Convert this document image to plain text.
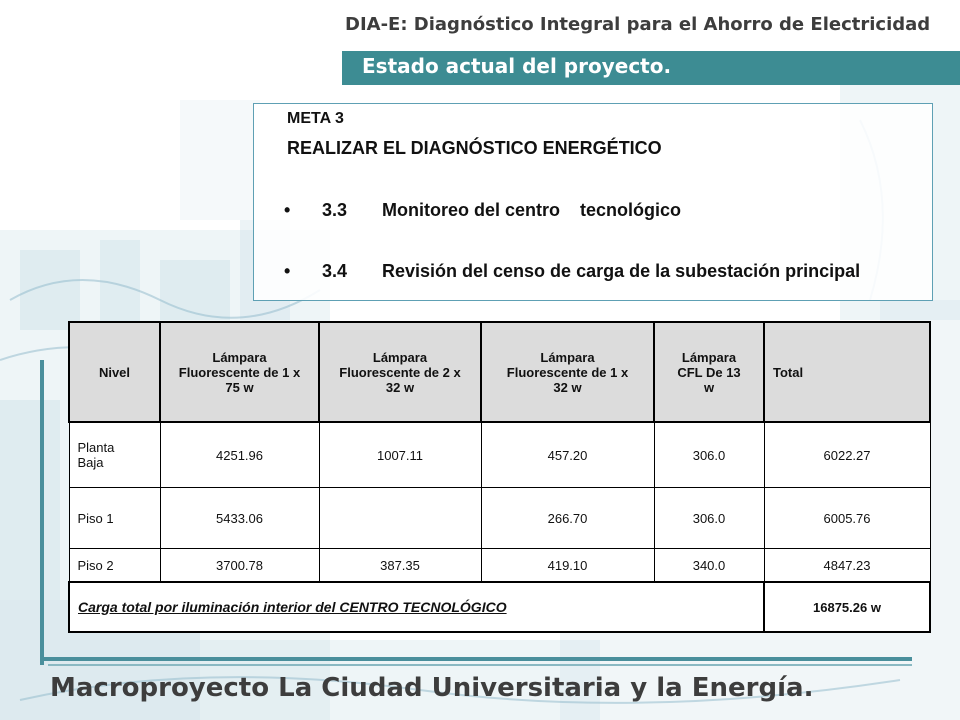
DIA-E: Diagnóstico Integral para el Ahorro de Electricidad
Estado actual del proyecto.
META 3
REALIZAR EL DIAGNÓSTICO ENERGÉTICO
•	3.3	Monitoreo del centro    tecnológico
•	3.4	Revisión del censo de carga de la subestación principal
Nivel	Lámpara Fluorescente de 1 x 75 w	Lámpara Fluorescente de 2 x 32 w	Lámpara Fluorescente de 1 x 32 w	Lámpara CFL De 13 w	Total
Planta Baja	4251.96	1007.11	457.20	306.0	6022.27
Piso 1	5433.06		266.70	306.0	6005.76
Piso 2	3700.78	387.35	419.10	340.0	4847.23
Carga total por iluminación interior del CENTRO TECNOLÓGICO					16875.26 w
Macroproyecto La Ciudad Universitaria y la Energía.
